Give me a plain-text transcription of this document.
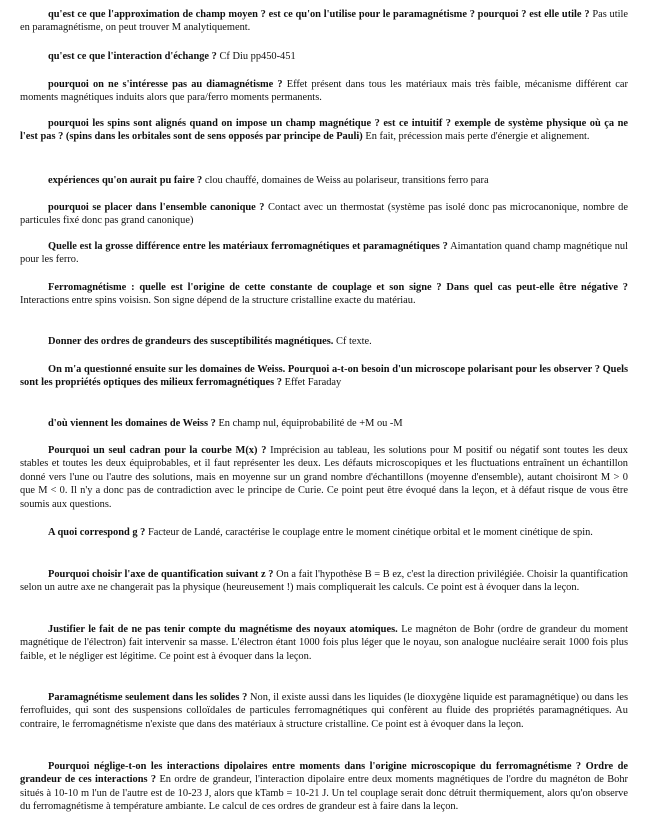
qu'est ce que l'approximation de champ moyen ? est ce qu'on l'utilise pour le paramagnétisme ? pourquoi ? est elle utile ? Pas utile en paramagnétisme, on peut trouver M analytiquement.

qu'est ce que l'interaction d'échange ? Cf Diu pp450-451

pourquoi on ne s'intéresse pas au diamagnétisme ? Effet présent dans tous les matériaux mais très faible, mécanisme différent car moments magnétiques induits alors que para/ferro moments permanents.

pourquoi les spins sont alignés quand on impose un champ magnétique ? est ce intuitif ? exemple de système physique où ça ne l'est pas ? (spins dans les orbitales sont de sens opposés par principe de Pauli) En fait, précession mais perte d'énergie et alignement.

expériences qu'on aurait pu faire ? clou chauffé, domaines de Weiss au polariseur, transitions ferro para

pourquoi se placer dans l'ensemble canonique ? Contact avec un thermostat (système pas isolé donc pas microcanonique, nombre de particules fixé donc pas grand canonique)

Quelle est la grosse différence entre les matériaux ferromagnétiques et paramagnétiques ? Aimantation quand champ magnétique nul pour les ferro.

Ferromagnétisme : quelle est l'origine de cette constante de couplage et son signe ? Dans quel cas peut-elle être négative ? Interactions entre spins voisisn. Son signe dépend de la structure cristalline exacte du matériau.

Donner des ordres de grandeurs des susceptibilités magnétiques. Cf texte.

On m'a questionné ensuite sur les domaines de Weiss. Pourquoi a-t-on besoin d'un microscope polarisant pour les observer ? Quels sont les propriétés optiques des milieux ferromagnétiques ? Effet Faraday

d'où viennent les domaines de Weiss ? En champ nul, équiprobabilité de +M ou -M

Pourquoi un seul cadran pour la courbe M(x) ? Imprécision au tableau, les solutions pour M positif ou négatif sont toutes les deux stables et toutes les deux équiprobables, et il faut représenter les deux. Les défauts microscopiques et les fluctuations entraînent un échantillon donné vers l'une ou l'autre des solutions, mais en moyenne sur un grand nombre d'échantillons (moyenne d'ensemble), autant choisiront M > 0 que M < 0. Il n'y a donc pas de contradiction avec le principe de Curie. Ce point peut être évoqué dans la leçon, et à défaut risque de vous être soumis aux questions.

A quoi correspond g ? Facteur de Landé, caractérise le couplage entre le moment cinétique orbital et le moment cinétique de spin.

Pourquoi choisir l'axe de quantification suivant z ? On a fait l'hypothèse B = B ez, c'est la direction privilégiée. Choisir la quantification selon un autre axe ne changerait pas la physique (heureusement !) mais compliquerait les calculs. Ce point est à évoquer dans la leçon.

Justifier le fait de ne pas tenir compte du magnétisme des noyaux atomiques. Le magnéton de Bohr (ordre de grandeur du moment magnétique de l'électron) fait intervenir sa masse. L'électron étant 1000 fois plus léger que le noyau, son analogue nucléaire serait 1000 fois plus faible, et le négliger est légitime. Ce point est à évoquer dans la leçon.

Paramagnétisme seulement dans les solides ? Non, il existe aussi dans les liquides (le dioxygène liquide est paramagnétique) ou dans les ferrofluides, qui sont des suspensions colloïdales de particules ferromagnétiques qui confèrent au fluide des propriétés paramagnétiques. Au contraire, le ferromagnétisme n'existe que dans des matériaux à structure cristalline. Ce point est à évoquer dans la leçon.

Pourquoi néglige-t-on les interactions dipolaires entre moments dans l'origine microscopique du ferromagnétisme ? Ordre de grandeur de ces interactions ? En ordre de grandeur, l'interaction dipolaire entre deux moments magnétiques de l'ordre du magnéton de Bohr situés à 10-10 m l'un de l'autre est de 10-23 J, alors que kTamb = 10-21 J. Un tel couplage serait donc détruit thermiquement, alors qu'on observe du ferromagnétisme à température ambiante. Le calcul de ces ordres de grandeur est à faire dans la leçon.
